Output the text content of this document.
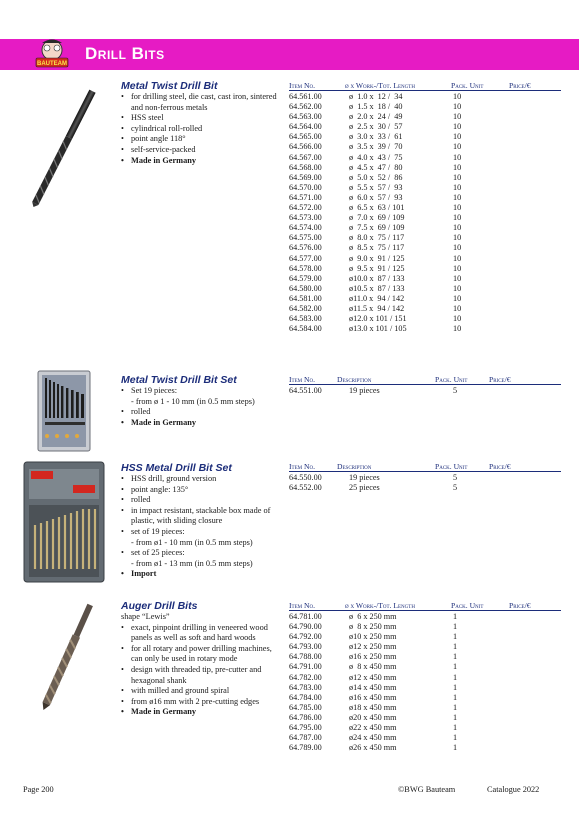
BAUTEAM
Drill Bits
Metal Twist Drill Bit
• for drilling steel, die cast, cast iron, sintered and non-ferrous metals
• HSS steel
• cylindrical roll-rolled
• point angle 118°
• self-service-packed
• Made in Germany
Item No.	ø x Work-/Tot. Length	Pack. Unit	Price/€
64.561.00	ø  1.0 x  12 /  34	10
64.562.00	ø  1.5 x  18 /  40	10
64.563.00	ø  2.0 x  24 /  49	10
64.564.00	ø  2.5 x  30 /  57	10
64.565.00	ø  3.0 x  33 /  61	10
64.566.00	ø  3.5 x  39 /  70	10
64.567.00	ø  4.0 x  43 /  75	10
64.568.00	ø  4.5 x  47 /  80	10
64.569.00	ø  5.0 x  52 /  86	10
64.570.00	ø  5.5 x  57 /  93	10
64.571.00	ø  6.0 x  57 /  93	10
64.572.00	ø  6.5 x  63 / 101	10
64.573.00	ø  7.0 x  69 / 109	10
64.574.00	ø  7.5 x  69 / 109	10
64.575.00	ø  8.0 x  75 / 117	10
64.576.00	ø  8.5 x  75 / 117	10
64.577.00	ø  9.0 x  91 / 125	10
64.578.00	ø  9.5 x  91 / 125	10
64.579.00	ø10.0 x  87 / 133	10
64.580.00	ø10.5 x  87 / 133	10
64.581.00	ø11.0 x  94 / 142	10
64.582.00	ø11.5 x  94 / 142	10
64.583.00	ø12.0 x 101 / 151	10
64.584.00	ø13.0 x 101 / 105	10
Metal Twist Drill Bit Set
• Set 19 pieces:
- from ø 1 - 10 mm (in 0.5 mm steps)
• rolled
• Made in Germany
Item No.	Description	Pack. Unit	Price/€
64.551.00	19 pieces	5
HSS Metal Drill Bit Set
• HSS drill, ground version
• point angle: 135°
• rolled
• in impact resistant, stackable box made of plastic, with sliding closure
• set of 19 pieces:
- from ø1 - 10 mm (in 0.5 mm steps)
• set of 25 pieces:
- from ø1 - 13 mm (in 0.5 mm steps)
• Import
Item No.	Description	Pack. Unit	Price/€
64.550.00	19 pieces	5
64.552.00	25 pieces	5
Auger Drill Bits
shape “Lewis”
• exact, pinpoint drilling in veneered wood panels as well as soft and hard woods
• for all rotary and power drilling machines, can only be used in rotary mode
• design with threaded tip, pre-cutter and hexagonal shank
• with milled and ground spiral
• from ø16 mm with 2 pre-cutting edges
• Made in Germany
Item No.	ø x Work-/Tot. Length	Pack. Unit	Price/€
64.781.00	ø  6 x 250 mm	1
64.790.00	ø  8 x 250 mm	1
64.792.00	ø10 x 250 mm	1
64.793.00	ø12 x 250 mm	1
64.788.00	ø16 x 250 mm	1
64.791.00	ø  8 x 450 mm	1
64.782.00	ø12 x 450 mm	1
64.783.00	ø14 x 450 mm	1
64.784.00	ø16 x 450 mm	1
64.785.00	ø18 x 450 mm	1
64.786.00	ø20 x 450 mm	1
64.795.00	ø22 x 450 mm	1
64.787.00	ø24 x 450 mm	1
64.789.00	ø26 x 450 mm	1
Page 200	©BWG Bauteam	Catalogue 2022
